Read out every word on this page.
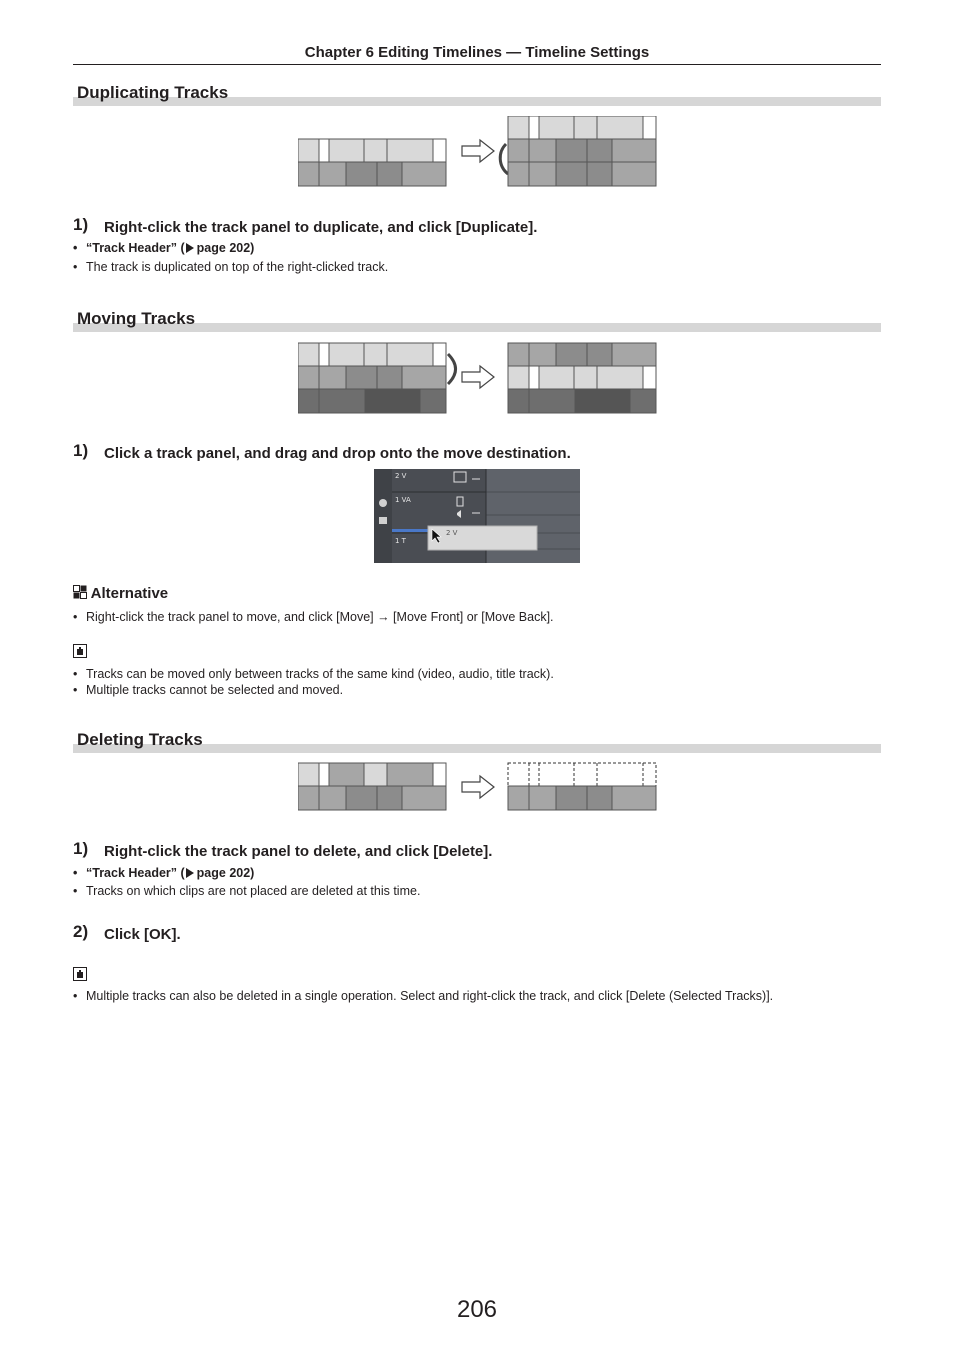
Chapter 6 Editing Timelines — Timeline Settings
Duplicating Tracks
1) Right-click the track panel to duplicate, and click [Duplicate].
• “Track Header” ( page 202)
• The track is duplicated on top of the right-clicked track.
Moving Tracks
1) Click a track panel, and drag and drop onto the move destination.
2 V
1 VA
1 T
2 V
Alternative
• Right-click the track panel to move, and click [Move] → [Move Front] or [Move Back].
• Tracks can be moved only between tracks of the same kind (video, audio, title track).
• Multiple tracks cannot be selected and moved.
Deleting Tracks
1) Right-click the track panel to delete, and click [Delete].
• “Track Header” ( page 202)
• Tracks on which clips are not placed are deleted at this time.
2) Click [OK].
• Multiple tracks can also be deleted in a single operation. Select and right-click the track, and click [Delete (Selected Tracks)].
206
